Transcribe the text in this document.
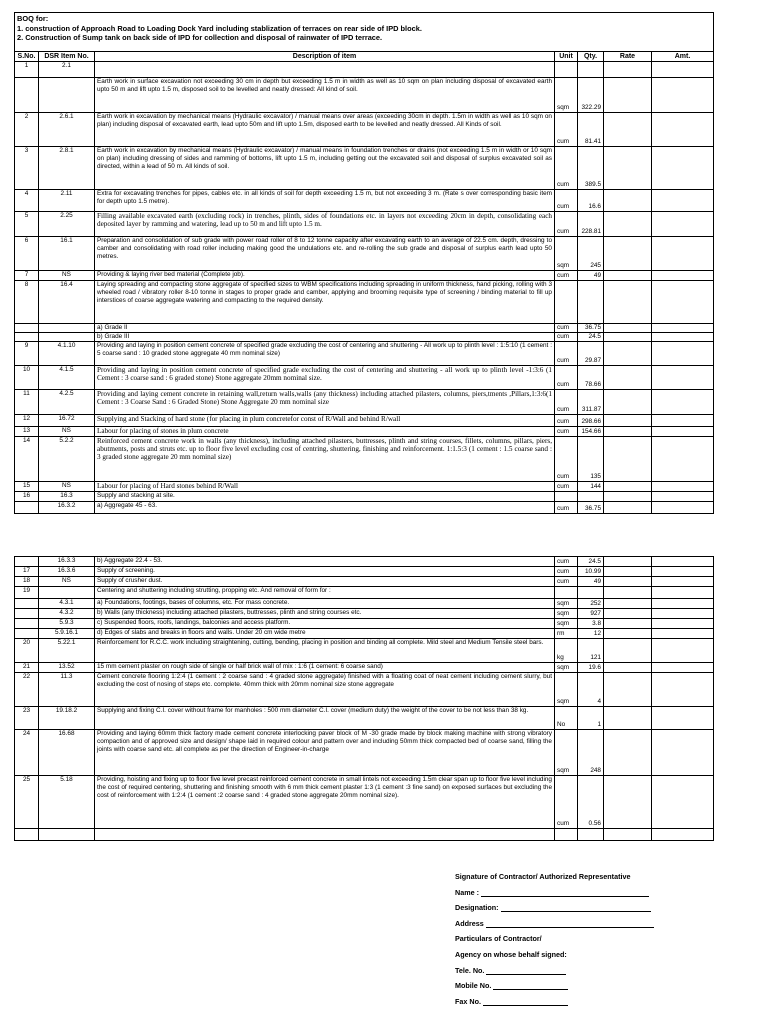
BOQ for:
1. construction of Approach Road to Loading Dock Yard including stablization of terraces on rear side of IPD block.
2. Construction of Sump tank on back side of IPD for collection and disposal of rainwater of IPD terrace.						

S.No.	DSR Item No.	Description of item	Unit	Qty.	Rate	Amt.
1	2.1					
		Earth work in surface excavation not exceeding 30 cm in depth but exceeding 1.5 m in width as well as 10 sqm on plan including disposal of excavated earth upto 50 m and lift upto 1.5 m, disposed soil to be levelled and neatly dressed: All kind of soil.	sqm	322.29		
2	2.6.1	Earth work in excavation by mechanical means (Hydraulic excavator) / manual means over areas (exceeding 30cm in depth. 1.5m in width as well as 10 sqm on plan) including disposal of excavated earth, lead upto 50m and lift upto 1.5m, disposed earth to be levelled and neatly dressed. All Kinds of soil.	cum	81.41		
3	2.8.1	Earth work in excavation by mechanical means (Hydraulic excavator) / manual means in foundation trenches or drains (not exceeding 1.5 m in width or 10 sqm on plan) including dressing of sides and ramming of bottoms, lift upto 1.5 m, including getting out the excavated soil and disposal of surplus excavated soil as directed, within a lead of 50 m. All kinds of soil.	cum	389.5		
4	2.11	Extra for excavating trenches for pipes, cables etc. in all kinds of soil for depth exceeding 1.5 m, but not exceeding 3 m. (Rate s over corresponding basic item for depth upto 1.5 metre).	cum	16.6		
5	2.25	Filling available excavated earth (excluding rock) in trenches, plinth, sides of foundations etc. in layers not exceeding 20cm in depth, consolidating each deposited layer by ramming and watering, lead up to 50 m and lift upto 1.5 m.	cum	228.81		
6	16.1	Preparation and consolidation of sub grade with power road roller of 8 to 12 tonne capacity after excavating earth to an average of 22.5 cm. depth, dressing to camber and consolidating with road roller including making good the undulations etc. and re-rolling the sub grade and disposal of surplus earth lead upto 50 metres.	sqm	245		
7	NS	Providing & laying river bed material (Complete job).	cum	49		
8	16.4	Laying spreading and compacting stone aggregate of specified sizes to WBM specifications including spreading in uniform thickness, hand picking, rolling with 3 wheeled road / vibratory roller 8-10 tonne in stages to proper grade and camber, applying and brooming requisite type of screening / binding material to fill up interstices of coarse aggregate watering and compacting to the required density.				
		a) Grade II	cum	36.75		
		b) Grade III	cum	24.5		
9	4.1.10	Providing and laying in position cement concrete of specified grade excluding the cost of centering and shuttering - All work up to plinth level : 1:5:10 (1 cement : 5 coarse sand : 10 graded stone aggregate 40 mm nominal size)	cum	29.87		
10	4.1.5	Providing and laying in position cement concrete of specified grade excluding the cost of centering and shuttering - all work up to plinth level -1:3:6 (1 Cement : 3 coarse sand : 6 graded stone) Stone aggregate 20mm nominal size.	cum	78.66		
11	4.2.5	Providing and laying cement concrete in retaining wall,return walls,walls (any thickness) including attached pilasters, columns, piers,tments ,Pillars,1:3:6(1 Cement : 3 Coarse Sand : 6 Graded Stone) Stone Aggregate 20 mm nominal size	cum	311.87		
12	16.72	Supplying and Stacking of hard stone (for placing in plum concretefor const of R/Wall and behind R/wall	cum	298.66		
13	NS	Labour for placing of stones in plum concrete	cum	154.66		
14	5.2.2	Reinforced cement concrete work in walls (any thickness), including attached pilasters, buttresses, plinth and string courses, fillets, columns, pillars, piers, abutments, posts and struts etc. up to floor five level excluding cost of centring, shuttering, finishing and reinforcement. 1:1.5:3 (1 cement : 1.5 coarse sand : 3 graded stone aggregate 20 mm nominal size)	cum	135		
15	NS	Labour for placing of Hard stones behind R/Wall	cum	144		
16	16.3	Supply and stacking at site.				
	16.3.2	a) Aggregate 45 - 63.	cum	36.75		
	16.3.3	b) Aggregate 22.4 - 53.	cum	24.5		
17	16.3.6	Supply of screening.	cum	10.99		
18	NS	Supply of crusher dust.	cum	49		
19		Centering and shuttering including strutting, propping etc. And removal of form for :				
	4.3.1	a) Foundations, footings, bases of columns, etc. For mass concrete.	sqm	252		
	4.3.2	b) Walls (any thickness) including attached pilasters, buttresses, plinth and string courses etc.	sqm	927		
	5.9.3	c) Suspended floors, roofs, landings, balconies and access platform.	sqm	3.8		
	5.9.16.1	d) Edges of slabs and breaks in floors and walls. Under 20 cm wide metre	rm	12		
20	5.22.1	Reinforcement for R.C.C. work including straightening, cutting, bending, placing in position and binding all complete. Mild steel and Medium Tensile steel bars.	kg	121		
21	13.52	15 mm cement plaster on rough side of single or half brick wall of mix : 1:6 (1 cement: 6 coarse sand)	sqm	19.6		
22	11.3	Cement concrete flooring 1:2:4 (1 cement : 2 coarse sand : 4 graded stone aggregate) finished with a floating coat of neat cement including cement slurry, but excluding the cost of nosing of steps etc. complete. 40mm thick with 20mm nominal size stone aggregate	sqm	4		
23	19.18.2	Supplying and fixing C.I. cover without frame for manholes : 500 mm diameter C.I. cover (medium duty) the weight of the cover to be not less than 38 kg.	No	1		
24	16.68	Providing and laying 60mm thick factory made cement concrete interlocking paver block of M -30 grade made by block making machine with strong vibratory compaction and of approved size and design/ shape laid in required colour and pattern over and including 50mm thick compacted bed of coarse sand, filling the joints with coarse sand etc. all complete as per the direction of Engineer-in-charge	sqm	248		
25	5.18	Providing, hoisting and fixing up to floor five level precast reinforced cement concrete in small lintels not exceeding 1.5m clear span up to floor five level including the cost of required centering, shuttering and finishing smooth with 6 mm thick cement plaster 1:3 (1 cement :3 fine sand) on exposed surfaces but excluding the cost of reinforcement with 1:2:4 (1 cement :2 coarse sand : 4 graded stone aggregate 20mm nominal size).	cum	0.56		

Signature of Contractor/ Authorized Representative
Name :
Designation:
Address
Particulars of Contractor/
Agency on whose behalf signed:
Tele. No.
Mobile No.
Fax No.
